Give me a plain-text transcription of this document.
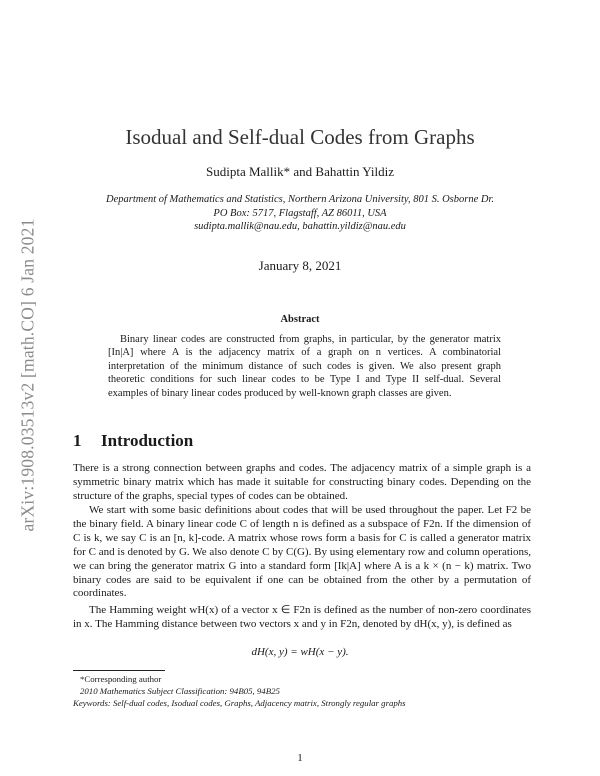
arXiv:1908.03513v2 [math.CO] 6 Jan 2021
Isodual and Self-dual Codes from Graphs
Sudipta Mallik* and Bahattin Yildiz
Department of Mathematics and Statistics, Northern Arizona University, 801 S. Osborne Dr.
PO Box: 5717, Flagstaff, AZ 86011, USA
sudipta.mallik@nau.edu, bahattin.yildiz@nau.edu
January 8, 2021
Abstract
Binary linear codes are constructed from graphs, in particular, by the generator matrix [In|A] where A is the adjacency matrix of a graph on n vertices. A combinatorial interpretation of the minimum distance of such codes is given. We also present graph theoretic conditions for such linear codes to be Type I and Type II self-dual. Several examples of binary linear codes produced by well-known graph classes are given.
1 Introduction
There is a strong connection between graphs and codes. The adjacency matrix of a simple graph is a symmetric binary matrix which has made it suitable for constructing binary codes. Depending on the structure of the graphs, special types of codes can be obtained.
We start with some basic definitions about codes that will be used throughout the paper. Let F2 be the binary field. A binary linear code C of length n is defined as a subspace of F2n. If the dimension of C is k, we say C is an [n, k]-code. A matrix whose rows form a basis for C is called a generator matrix for C and is denoted by G. We also denote C by C(G). By using elementary row and column operations, we can bring the generator matrix G into a standard form [Ik|A] where A is a k × (n − k) matrix. Two binary codes are said to be equivalent if one can be obtained from the other by a permutation of coordinates.
The Hamming weight wH(x) of a vector x ∈ F2n is defined as the number of non-zero coordinates in x. The Hamming distance between two vectors x and y in F2n, denoted by dH(x, y), is defined as
dH(x, y) = wH(x − y).
*Corresponding author
2010 Mathematics Subject Classification: 94B05, 94B25
Keywords: Self-dual codes, Isodual codes, Graphs, Adjacency matrix, Strongly regular graphs
1
